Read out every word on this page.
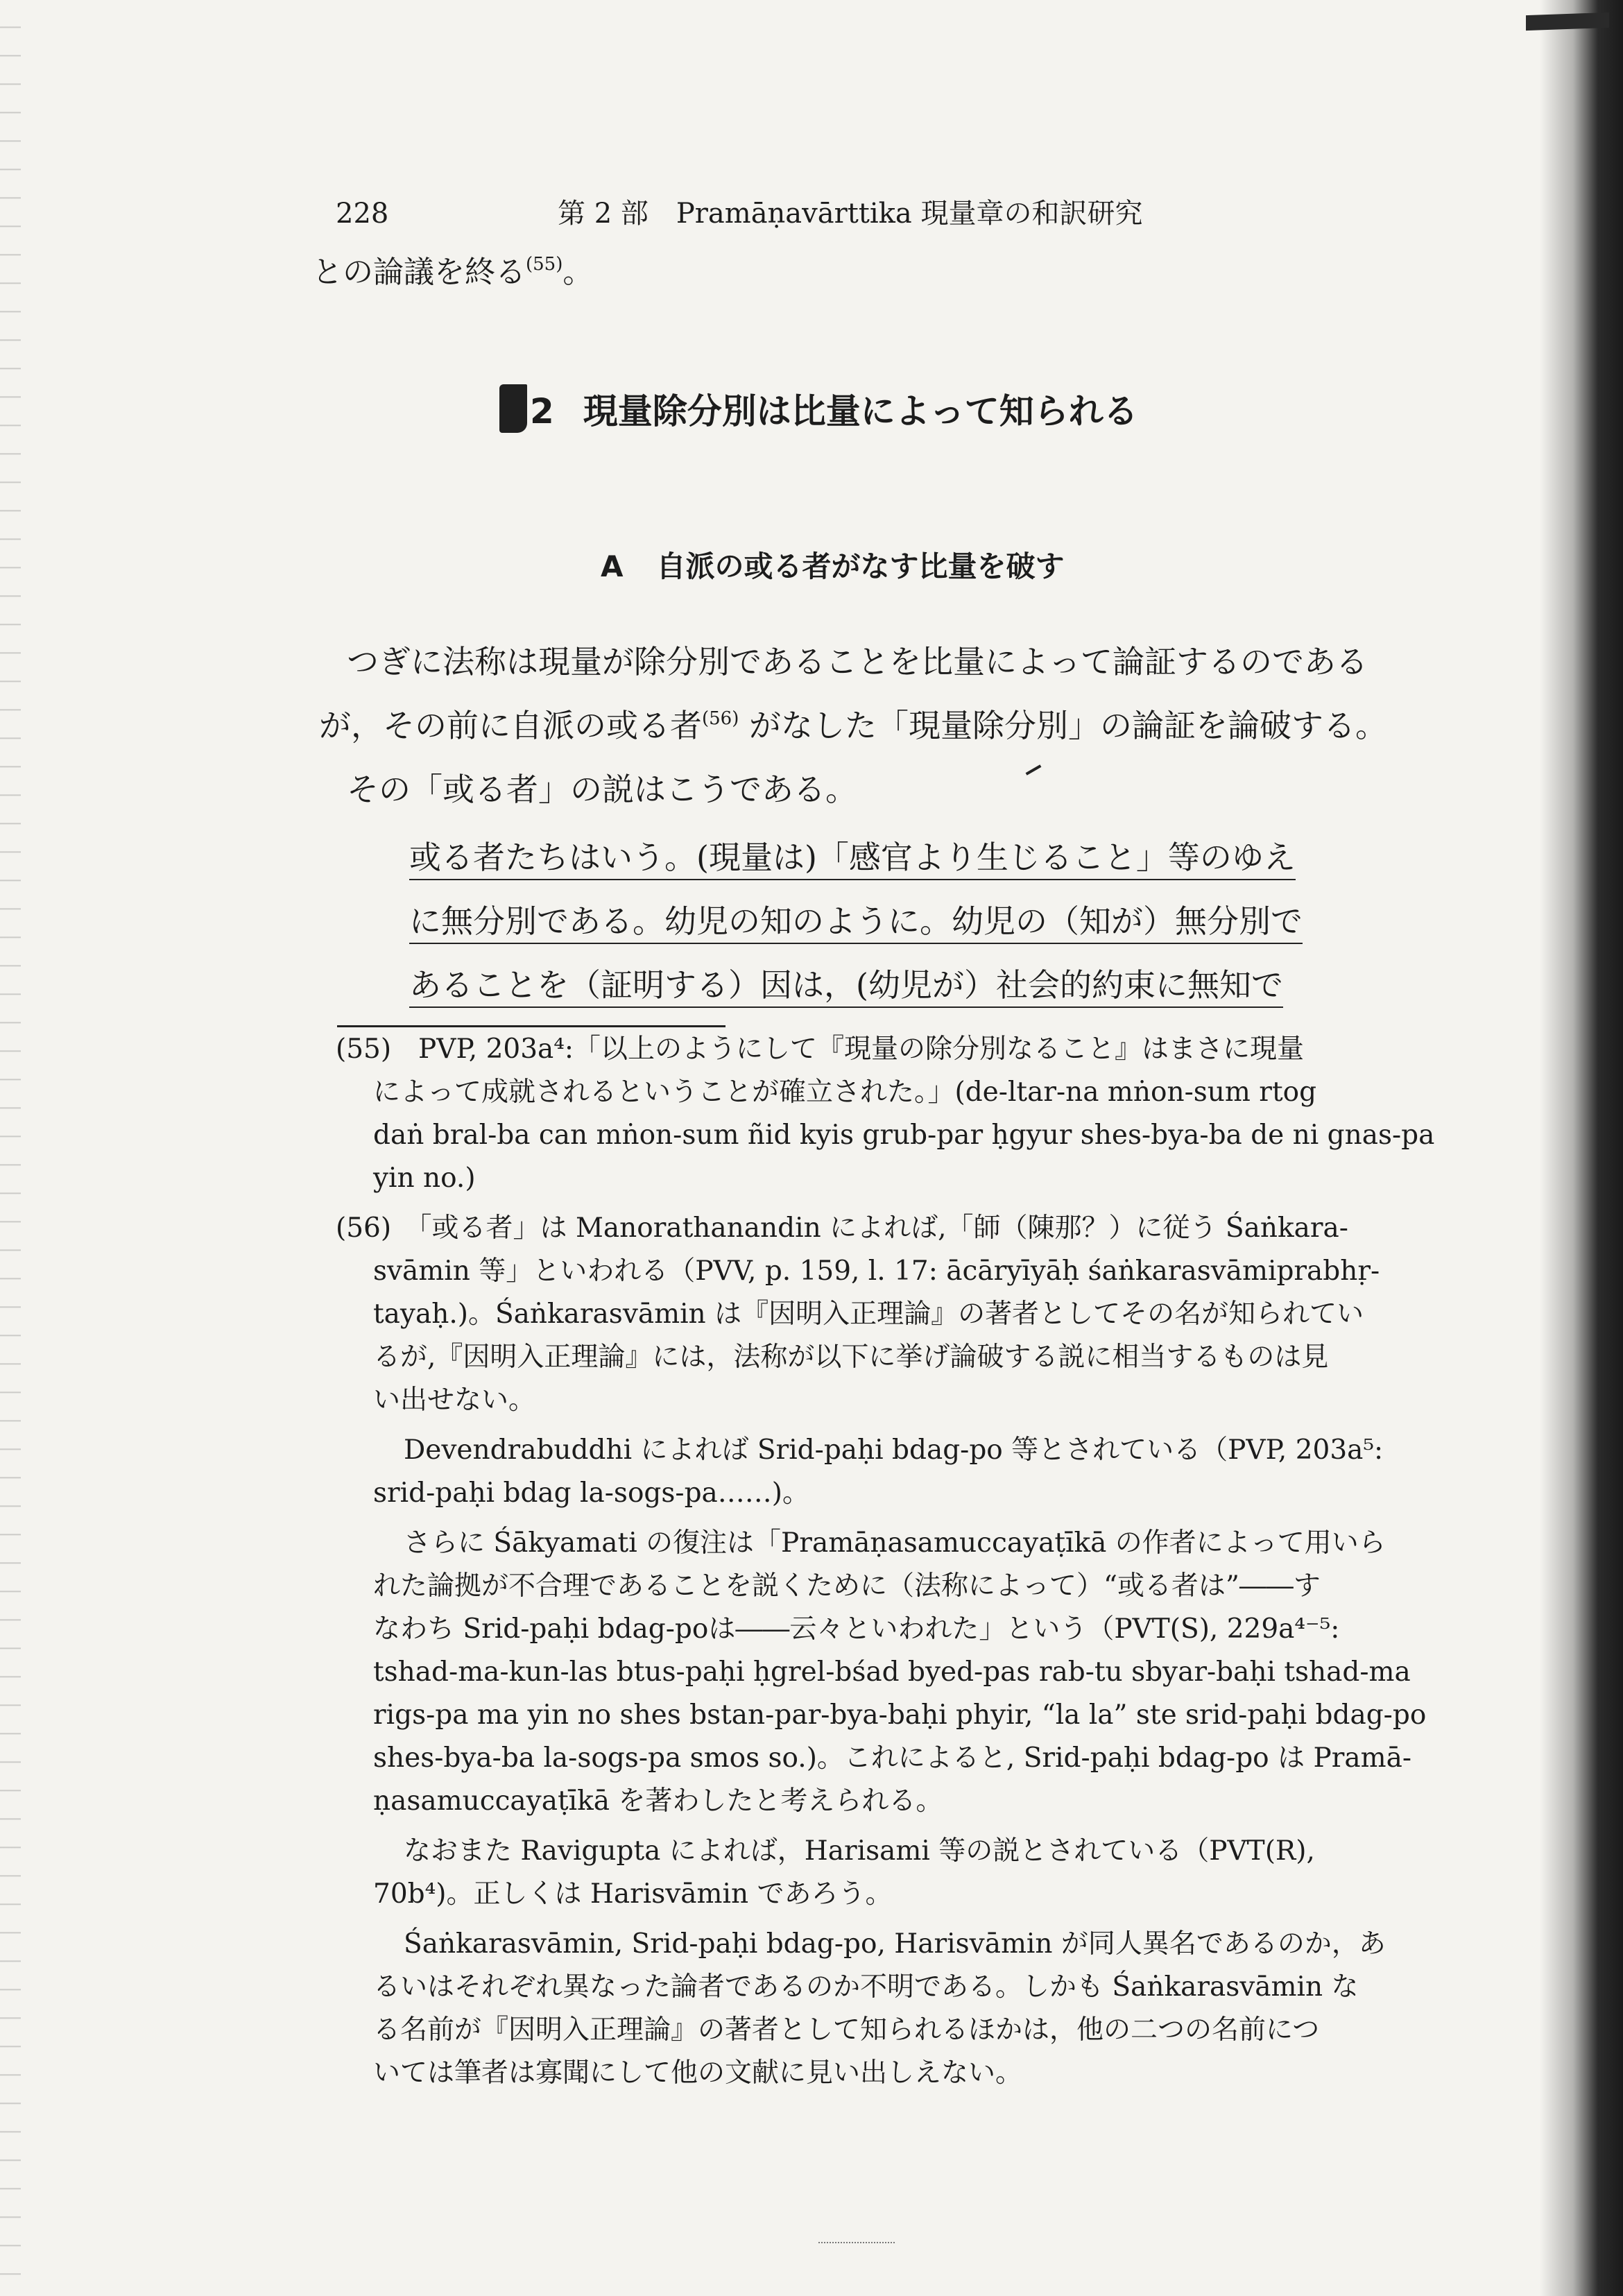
228	第 2 部　Pramāṇavārttika 現量章の和訳研究
との論議を終る$^{(55)}$。
2 現量除分別は比量によって知られる
A 自派の或る者がなす比量を破す

つぎに法称は現量が除分別であることを比量によって論証するのである

が，その前に自派の或る者$^{(56)}$ がなした「現量除分別」の論証を論破する。

その「或る者」の説はこうである。

或る者たちはいう。(現量は)「感官より生じること」等のゆえ

に無分別である。幼児の知のように。幼児の（知が）無分別で

あることを（証明する）因は，(幼児が）社会的約束に無知で

(55)　PVP, 203a⁴:「以上のようにして『現量の除分別なること』はまさに現量

によって成就されるということが確立された。」(de-ltar-na mṅon-sum rtog

daṅ bral-ba can mṅon-sum ñid kyis grub-par ḥgyur shes-bya-ba de ni gnas-pa

yin no.)

(56)　「或る者」は Manorathanandin によれば,「師（陳那？）に従う Śaṅkara-

svāmin 等」といわれる（PVV, p. 159, l. 17: ācāryīyāḥ śaṅkarasvāmiprabhṛ-

tayaḥ.)。Śaṅkarasvāmin は『因明入正理論』の著者としてその名が知られてい

るが,『因明入正理論』には，法称が以下に挙げ論破する説に相当するものは見

い出せない。

Devendrabuddhi によれば Srid-paḥi bdag-po 等とされている（PVP, 203a⁵:

srid-paḥi bdag la-sogs-pa……)。

さらに Śākyamati の復注は「Pramāṇasamuccayaṭīkā の作者によって用いら

れた論拠が不合理であることを説くために（法称によって）“或る者は”――す

なわち Srid-paḥi bdag-poは――云々といわれた」という（PVT(S), 229a⁴⁻⁵:

tshad-ma-kun-las btus-paḥi ḥgrel-bśad byed-pas rab-tu sbyar-baḥi tshad-ma

rigs-pa ma yin no shes bstan-par-bya-baḥi phyir, “la la” ste srid-paḥi bdag-po

shes-bya-ba la-sogs-pa smos so.)。これによると, Srid-paḥi bdag-po は Pramā-

ṇasamuccayaṭīkā を著わしたと考えられる。

なおまた Ravigupta によれば，Harisami 等の説とされている（PVT(R),

70b⁴)。正しくは Harisvāmin であろう。

Śaṅkarasvāmin, Srid-paḥi bdag-po, Harisvāmin が同人異名であるのか，あ

るいはそれぞれ異なった論者であるのか不明である。しかも Śaṅkarasvāmin な

る名前が『因明入正理論』の著者として知られるほかは，他の二つの名前につ

いては筆者は寡聞にして他の文献に見い出しえない。
